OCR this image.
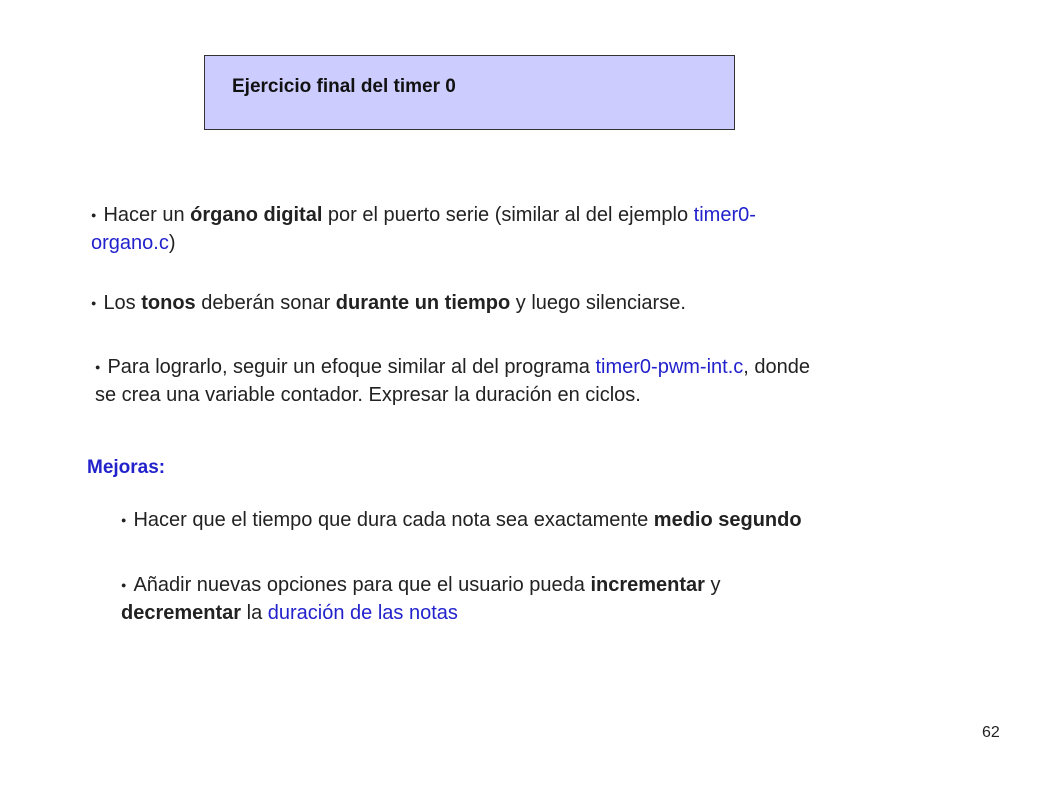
Ejercicio final del timer 0
● Hacer un órgano digital por el puerto serie (similar al del ejemplo timer0-
organo.c)
● Los tonos deberán sonar durante un tiempo y luego silenciarse.
● Para lograrlo, seguir un efoque similar al del programa timer0-pwm-int.c, donde
se crea una variable contador. Expresar la duración en ciclos.
Mejoras:
● Hacer que el tiempo que dura cada nota sea exactamente medio segundo
● Añadir nuevas opciones para que el usuario pueda incrementar y
decrementar la duración de las notas
62
